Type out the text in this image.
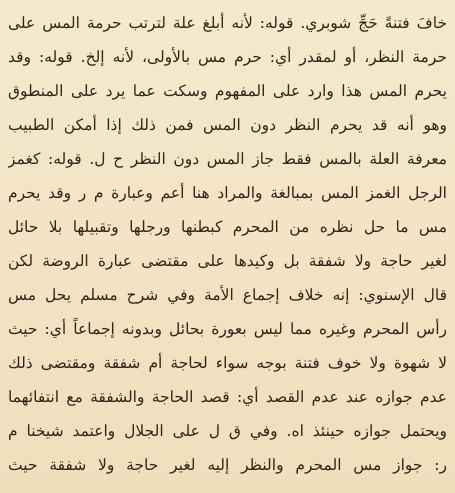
خافَ فتنةً حَجِّ شوبري. قوله: لأنه أبلغ علة لترتب حرمة المس على
حرمة النظر، أو لمقدر أي: حرم مس بالأولى، لأنه إلخ. قوله: وقد
يحرم المس هذا وارد على المفهوم وسكت عما يرد على المنطوق
وهو أنه قد يحرم النظر دون المس فمن ذلك إذا أمكن الطبيب
معرفة العلة بالمس فقط جاز المس دون النظر ح ل. قوله: كغمز
الرجل الغمز المس بمبالغة والمراد هنا أعم وعبارة م ر وقد يحرم
مس ما حل نظره من المحرم كبطنها ورجلها وتقبيلها بلا حائل
لغير حاجة ولا شفقة بل وكيدها على مقتضى عبارة الروضة لكن
قال الإسنوي: إنه خلاف إجماع الأمة وفي شرح مسلم يحل مس
رأس المحرم وغيره مما ليس بعورة بحائل وبدونه إجماعاً أي: حيث
لا شهوة ولا خوف فتنة بوجه سواء لحاجة أم شفقة ومقتضى ذلك
عدم جوازه عند عدم القصد أي: قصد الحاجة والشفقة مع انتفائهما
ويحتمل جوازه حينئذ اه. وفي ق ل على الجلال واعتمد شيخنا م
ر: جواز مس المحرم والنظر إليه لغير حاجة ولا شفقة حيث
